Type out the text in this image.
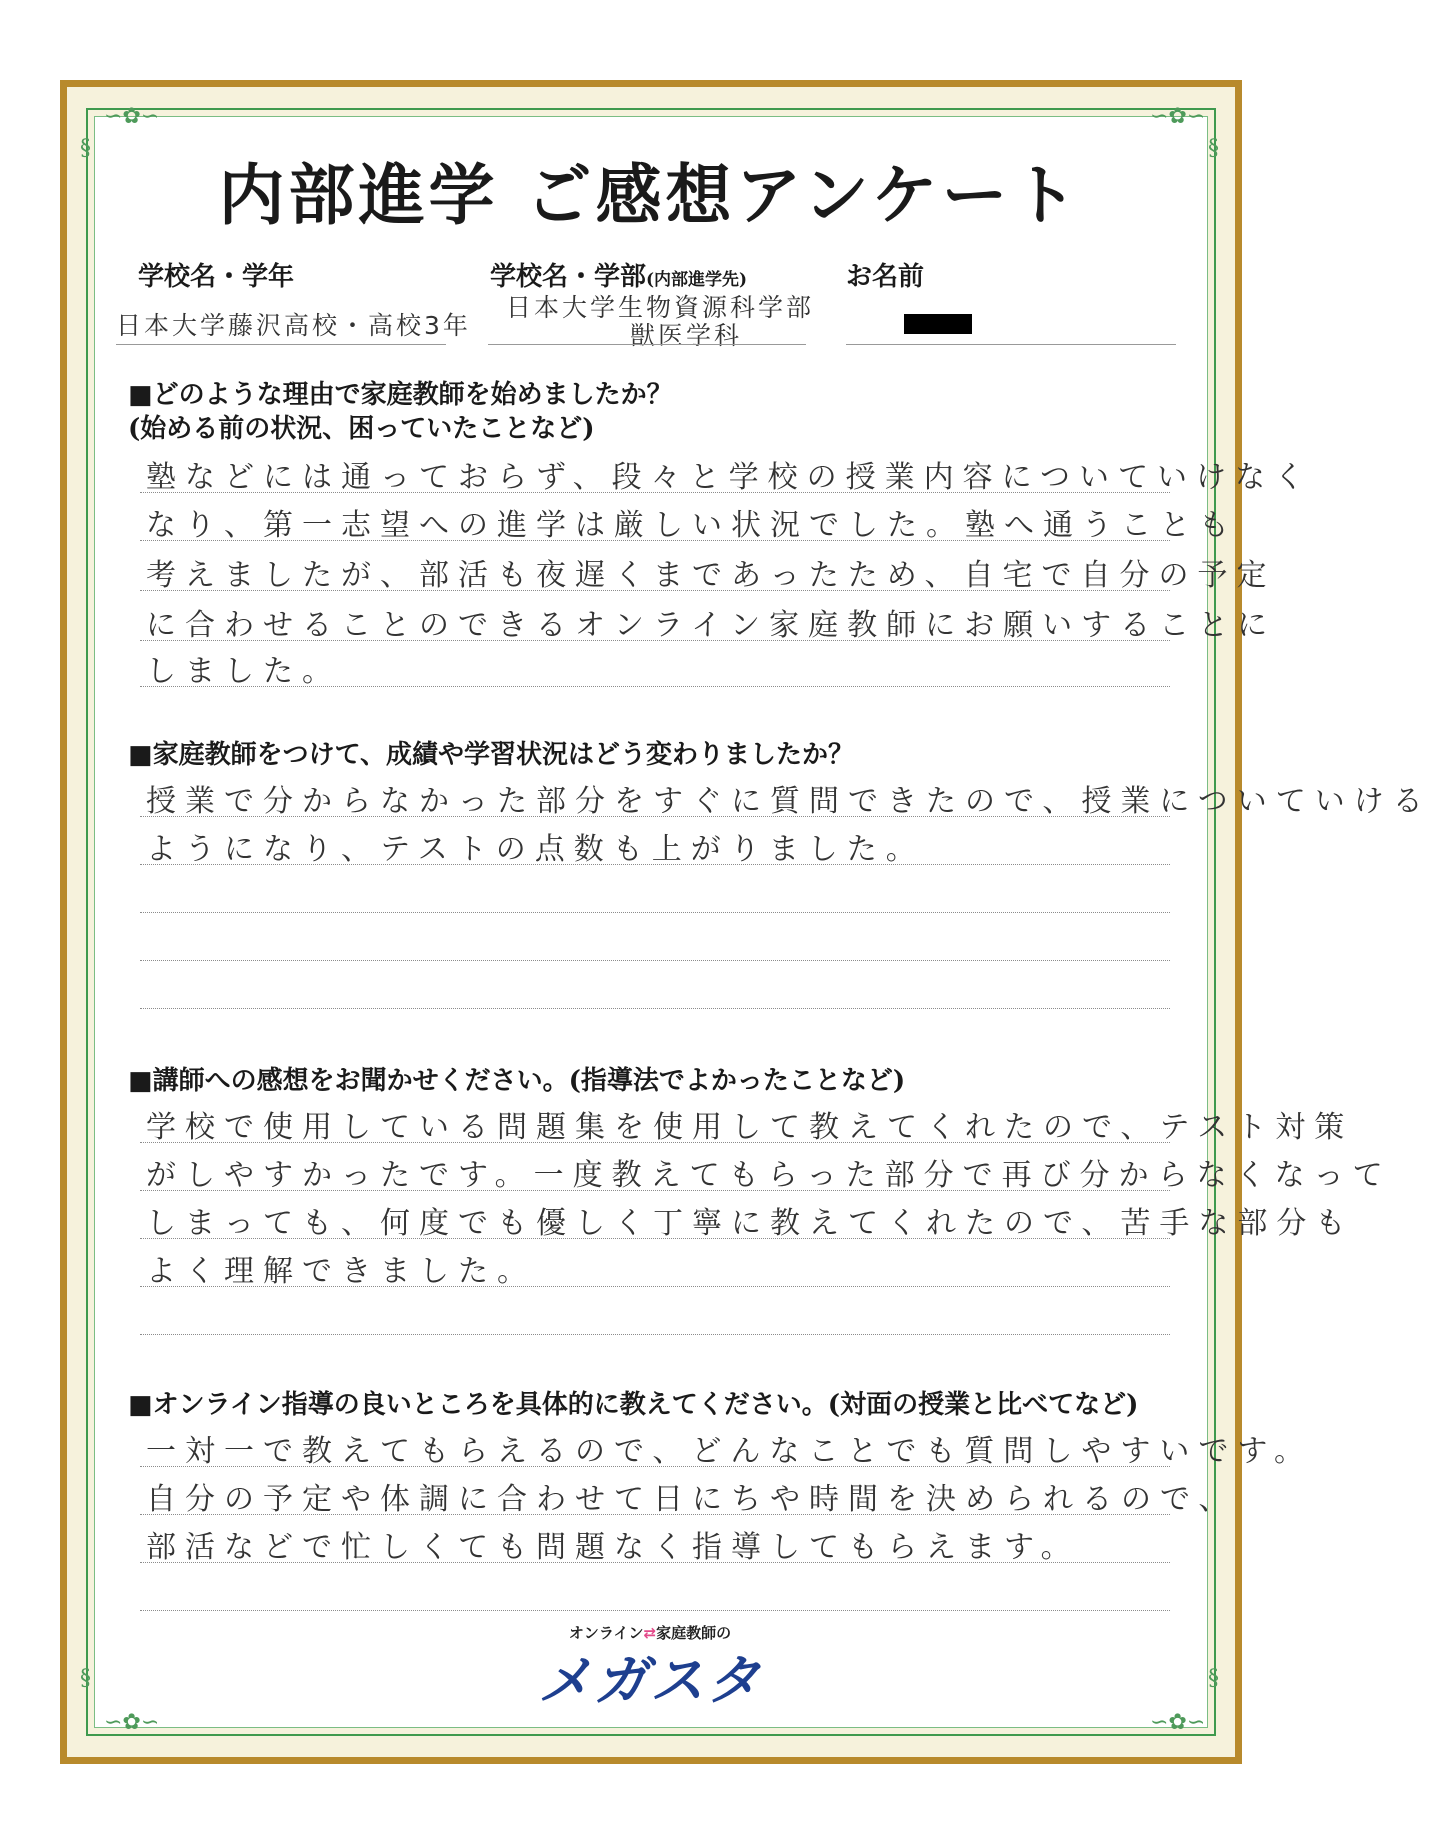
∽✿∽	∽✿∽
∽✿∽	∽✿∽
§	§
§	§
内部進学 ご感想アンケート
学校名・学年
日本大学藤沢高校・高校3年
学校名・学部(内部進学先)
日本大学生物資源科学部
獣医学科
お名前
■どのような理由で家庭教師を始めましたか？
(始める前の状況、困っていたことなど)
塾などには通っておらず、段々と学校の授業内容についていけなく
なり、第一志望への進学は厳しい状況でした。塾へ通うことも
考えましたが、部活も夜遅くまであったため、自宅で自分の予定
に合わせることのできるオンライン家庭教師にお願いすることに
しました。
■家庭教師をつけて、成績や学習状況はどう変わりましたか？
授業で分からなかった部分をすぐに質問できたので、授業についていける
ようになり、テストの点数も上がりました。
■講師への感想をお聞かせください。(指導法でよかったことなど)
学校で使用している問題集を使用して教えてくれたので、テスト対策
がしやすかったです。一度教えてもらった部分で再び分からなくなって
しまっても、何度でも優しく丁寧に教えてくれたので、苦手な部分も
よく理解できました。
■オンライン指導の良いところを具体的に教えてください。(対面の授業と比べてなど)
一対一で教えてもらえるので、どんなことでも質問しやすいです。
自分の予定や体調に合わせて日にちや時間を決められるので、
部活などで忙しくても問題なく指導してもらえます。
オンライン⇄家庭教師の
メガスタ
